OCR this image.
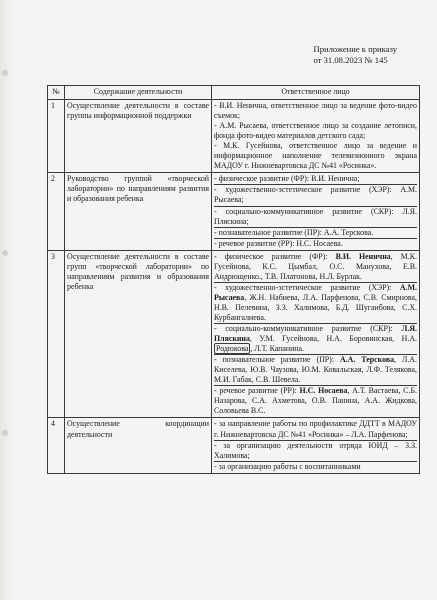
Приложение к приказу
от 31.08.2023 № 145
№	Содержание деятельности	Ответственное лицо
1	Осуществление деятельности в составе группы информационной поддержки	- В.И. Ненична, ответственное лицо за ведение фото-видео съемок;
- А.М. Рысаева, ответственное лицо за создание летописи, фонда фото-видео материалов детского сада;
- М.К. Гусейнова, ответственное лицо за ведение и информационное наполнение телевизионного экрана МАДОУ г. Нижневартовска ДС №41 «Росинка».

2	Руководство группой «творческой лаборатории» по направлениям развития и образования ребенка	- физическое развитие (ФР): В.И. Ненична;
- художественно-эстетическое развитие (ХЭР): А.М. Рысаева;
- социально-коммуникативное развитие (СКР): Л.Я. Пляскина;
- познавательное развитие (ПР): А.А. Терскова.
- речевое развитие (РР): Н.С. Носаева.

3	Осуществление деятельности в составе групп «творческой лаборатории» по направлениям развития и образования ребенка	- физическое развитие (ФР): В.И. Ненична, М.К. Гусейнова, К.С. Цымбал, О.С. Манухова, Е.В. Андрющенко., Т.В. Платонова, Н.Л. Бурлак.
- художественно-эстетическое развитие (ХЭР): А.М. Рысаева, Ж.Н. Набиева, Л.А. Парфенова, С.В. Смирнова, Н.В. Пелевина, З.З. Халимова, Б.Д. Шугаибова, С.Х. Курбангалиева.
- социально-коммуникативное развитие (СКР): Л.Я. Пляскина, У.М. Гусейнова, Н.А. Боровинская, Н.А. Родюкова , Л.Т. Капанина.
- познавательное развитие (ПР): А.А. Терскова, Л.А. Киселева, Ю.В. Чаузова, Ю.М. Ковальская, Л.Ф. Телякова, М.И. Габак, С.В. Шевела.
- речевое развитие (РР): Н.С. Носаева, А.Т. Вастаева, С.Б. Назарова, С.А. Ахметова, О.В. Панина, А.А. Жидкова, Соловьева В.С.

4	Осуществление координации деятельности	- за направление работы по профилактике ДДТТ в МАДОУ г. Нижневартовска ДС №41 «Росинка» – Л.А. Парфенова;
- за организацию деятельности отряда ЮИД – З.З. Халимова;
- за организацию работы с воспитанниками
